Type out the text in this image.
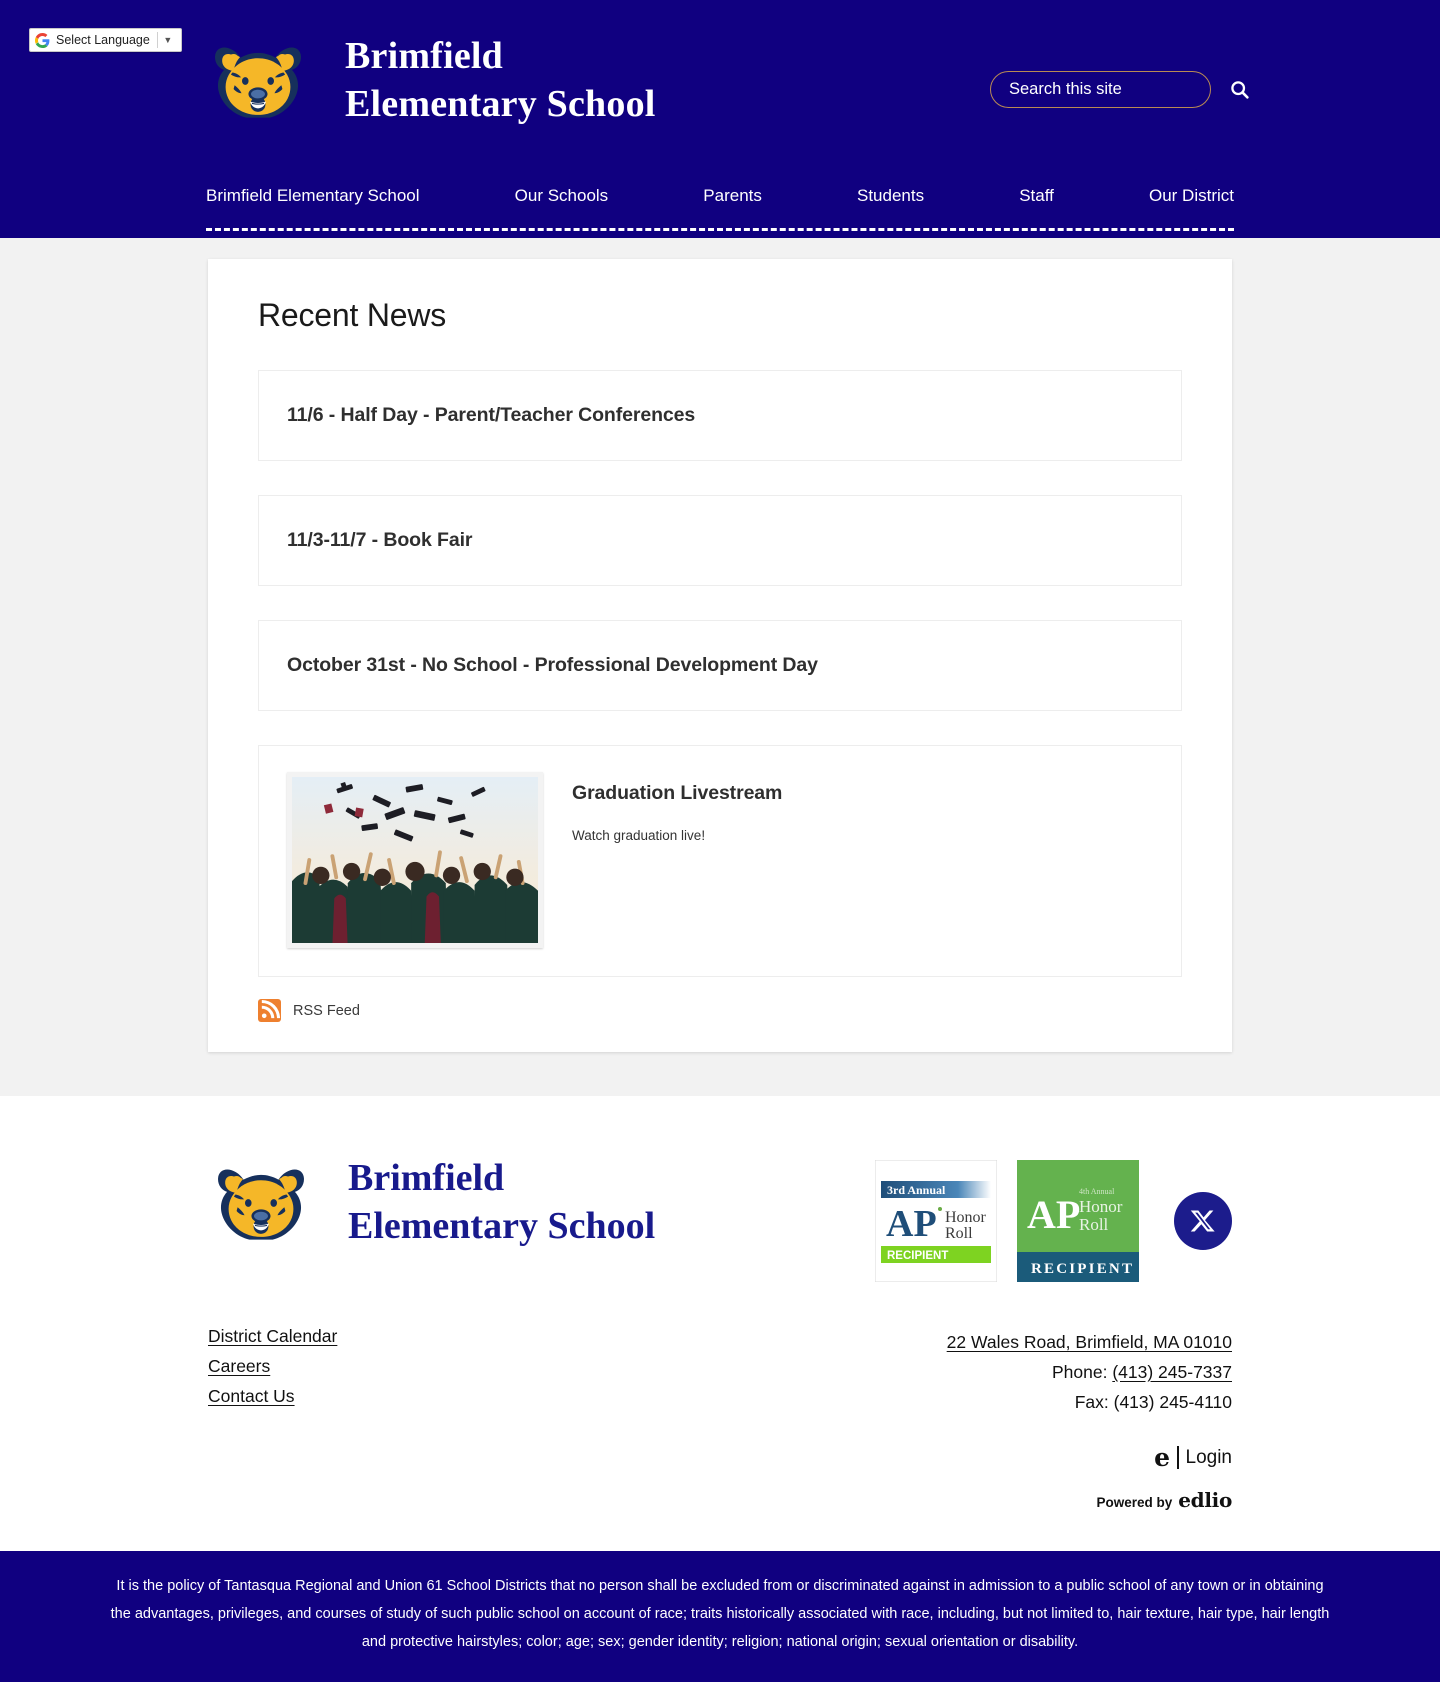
Select Language	▼	Brimfield
Elementary School
Search this site
Brimfield Elementary School	Our Schools	Parents	Students	Staff	Our District
Recent News
11/6 - Half Day - Parent/Teacher Conferences
11/3-11/7 - Book Fair
October 31st - No School - Professional Development Day
Graduation Livestream
Watch graduation live!
RSS Feed
Brimfield
Elementary School
District Calendar
Careers
Contact Us
3rd Annual
AP Honor
Roll
RECIPIENT
AP
4th Annual
Honor
Roll
RECIPIENT
22 Wales Road, Brimfield, MA 01010
Phone: (413) 245-7337
Fax: (413) 245-4110
e Login
Powered by edlio
It is the policy of Tantasqua Regional and Union 61 School Districts that no person shall be excluded from or discriminated against in admission to a public school of any town or in obtaining the advantages, privileges, and courses of study of such public school on account of race; traits historically associated with race, including, but not limited to, hair texture, hair type, hair length and protective hairstyles; color; age; sex; gender identity; religion; national origin; sexual orientation or disability.
